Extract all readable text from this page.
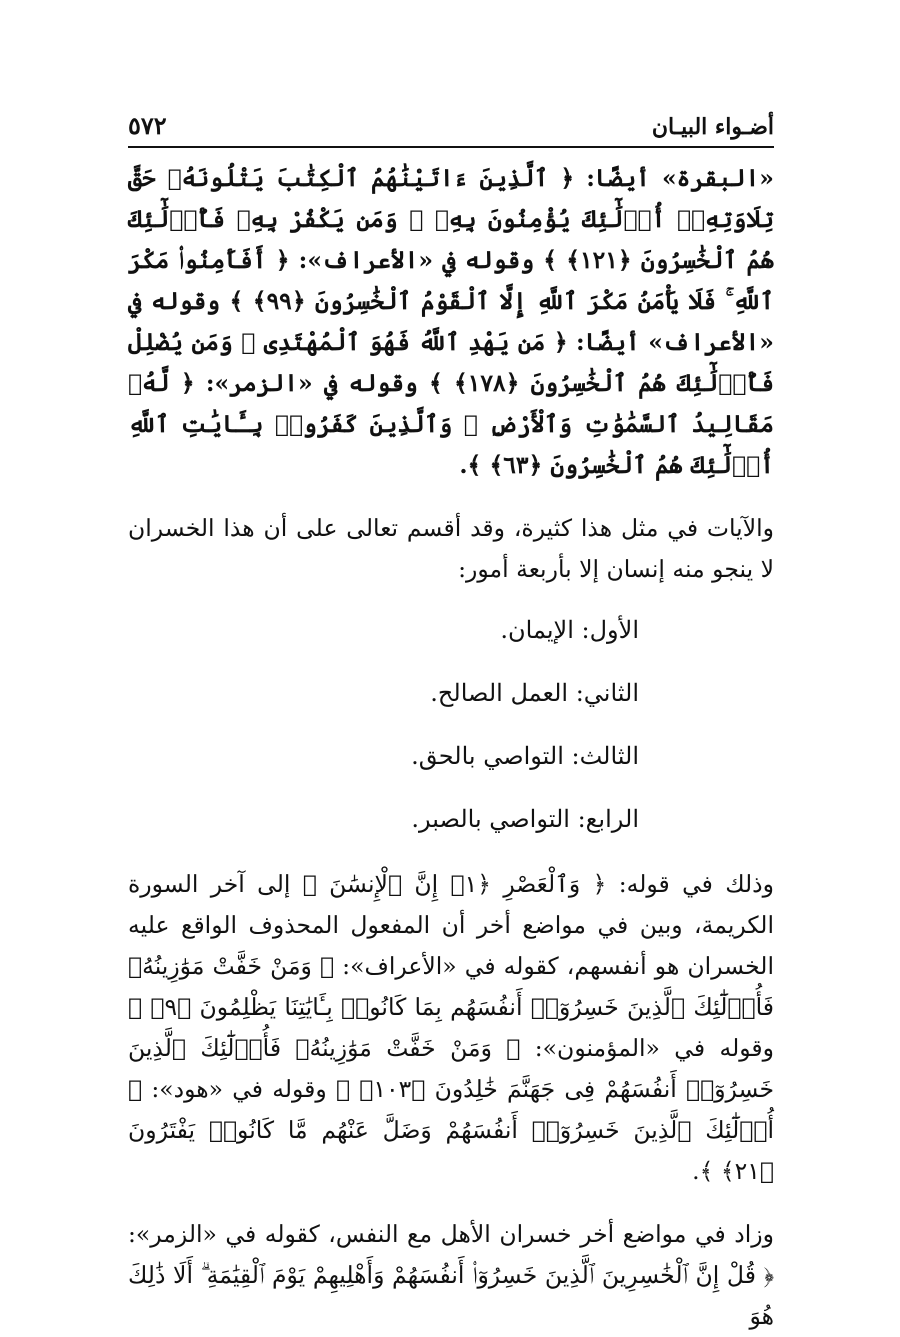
أضـواء البيـان
٥٧٢

«البقرة» أيضًا: ﴿ ٱلَّذِينَ ءَاتَيْنَٰهُمُ ٱلْكِتَٰبَ يَتْلُونَهُۥ حَقَّ تِلَاوَتِهِۦٓ أُو۟لَٰٓئِكَ يُؤْمِنُونَ بِهِۦ ۗ وَمَن يَكْفُرْ بِهِۦ فَأُو۟لَٰٓئِكَ هُمُ ٱلْخَٰسِرُونَ ﴿١٢١﴾ ﴾ وقوله في «الأعراف»: ﴿ أَفَأَمِنُوا۟ مَكْرَ ٱللَّهِ ۚ فَلَا يَأْمَنُ مَكْرَ ٱللَّهِ إِلَّا ٱلْقَوْمُ ٱلْخَٰسِرُونَ ﴿٩٩﴾ ﴾ وقوله في «الأعراف» أيضًا: ﴿ مَن يَهْدِ ٱللَّهُ فَهُوَ ٱلْمُهْتَدِى ۖ وَمَن يُضْلِلْ فَأُو۟لَٰٓئِكَ هُمُ ٱلْخَٰسِرُونَ ﴿١٧٨﴾ ﴾ وقوله في «الزمر»: ﴿ لَّهُۥ مَقَالِيدُ ٱلسَّمَٰوَٰتِ وَٱلْأَرْضِ ۗ وَٱلَّذِينَ كَفَرُوا۟ بِـَٔايَٰتِ ٱللَّهِ أُو۟لَٰٓئِكَ هُمُ ٱلْخَٰسِرُونَ ﴿٦٣﴾ ﴾.

والآيات في مثل هذا كثيرة، وقد أقسم تعالى على أن هذا الخسران لا ينجو منه إنسان إلا بأربعة أمور:

الأول: الإيمان.

الثاني: العمل الصالح.

الثالث: التواصي بالحق.

الرابع: التواصي بالصبر.

وذلك في قوله: ﴿ وَٱلْعَصْرِ ﴿١﴾ إِنَّ ٱلْإِنسَٰنَ ﴾ إلى آخر السورة الكريمة، وبين في مواضع أخر أن المفعول المحذوف الواقع عليه الخسران هو أنفسهم، كقوله في «الأعراف»: ﴿ وَمَنْ خَفَّتْ مَوَٰزِينُهُۥ فَأُو۟لَٰٓئِكَ ٱلَّذِينَ خَسِرُوٓا۟ أَنفُسَهُم بِمَا كَانُوا۟ بِـَٔايَٰتِنَا يَظْلِمُونَ ﴿٩﴾ ﴾ وقوله في «المؤمنون»: ﴿ وَمَنْ خَفَّتْ مَوَٰزِينُهُۥ فَأُو۟لَٰٓئِكَ ٱلَّذِينَ خَسِرُوٓا۟ أَنفُسَهُمْ فِى جَهَنَّمَ خَٰلِدُونَ ﴿١٠٣﴾ ﴾ وقوله في «هود»: ﴿ أُو۟لَٰٓئِكَ ٱلَّذِينَ خَسِرُوٓا۟ أَنفُسَهُمْ وَضَلَّ عَنْهُم مَّا كَانُوا۟ يَفْتَرُونَ ﴿٢١﴾ ﴾.

وزاد في مواضع أخر خسران الأهل مع النفس، كقوله في «الزمر»: ﴿ قُلْ إِنَّ ٱلْخَٰسِرِينَ ٱلَّذِينَ خَسِرُوٓا۟ أَنفُسَهُمْ وَأَهْلِيهِمْ يَوْمَ ٱلْقِيَٰمَةِ ۗ أَلَا ذَٰلِكَ هُوَ
